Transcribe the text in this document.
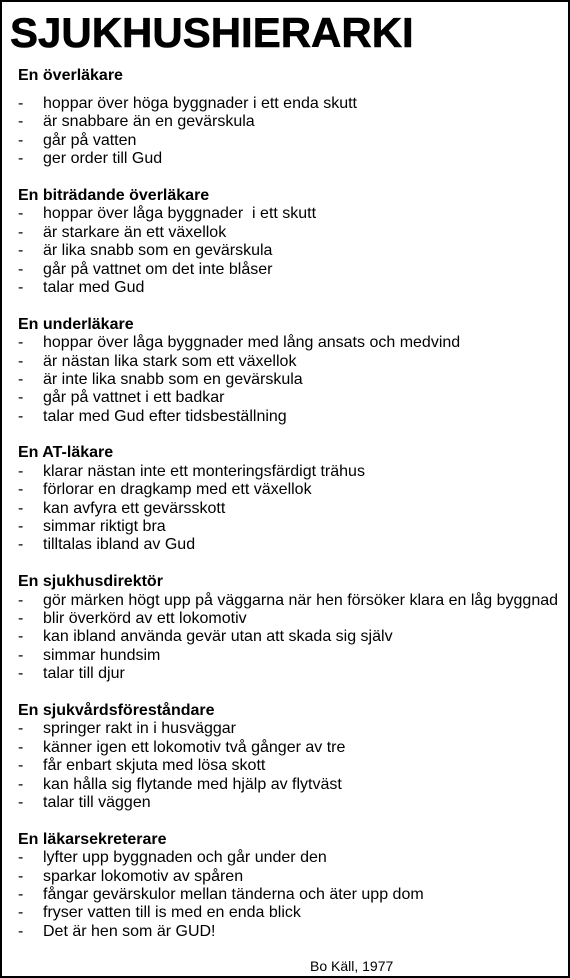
SJUKHUSHIERARKI
En överläkare
- hoppar över höga byggnader i ett enda skutt
- är snabbare än en gevärskula
- går på vatten
- ger order till Gud
En biträdande överläkare
- hoppar över låga byggnader  i ett skutt
- är starkare än ett växellok
- är lika snabb som en gevärskula
- går på vattnet om det inte blåser
- talar med Gud
En underläkare
- hoppar över låga byggnader med lång ansats och medvind
- är nästan lika stark som ett växellok
- är inte lika snabb som en gevärskula
- går på vattnet i ett badkar
- talar med Gud efter tidsbeställning
En AT-läkare
- klarar nästan inte ett monteringsfärdigt trähus
- förlorar en dragkamp med ett växellok
- kan avfyra ett gevärsskott
- simmar riktigt bra
- tilltalas ibland av Gud
En sjukhusdirektör
- gör märken högt upp på väggarna när hen försöker klara en låg byggnad
- blir överkörd av ett lokomotiv
- kan ibland använda gevär utan att skada sig själv
- simmar hundsim
- talar till djur
En sjukvårdsföreståndare
- springer rakt in i husväggar
- känner igen ett lokomotiv två gånger av tre
- får enbart skjuta med lösa skott
- kan hålla sig flytande med hjälp av flytväst
- talar till väggen
En läkarsekreterare
- lyfter upp byggnaden och går under den
- sparkar lokomotiv av spåren
- fångar gevärskulor mellan tänderna och äter upp dom
- fryser vatten till is med en enda blick
- Det är hen som är GUD!
Bo Käll, 1977
